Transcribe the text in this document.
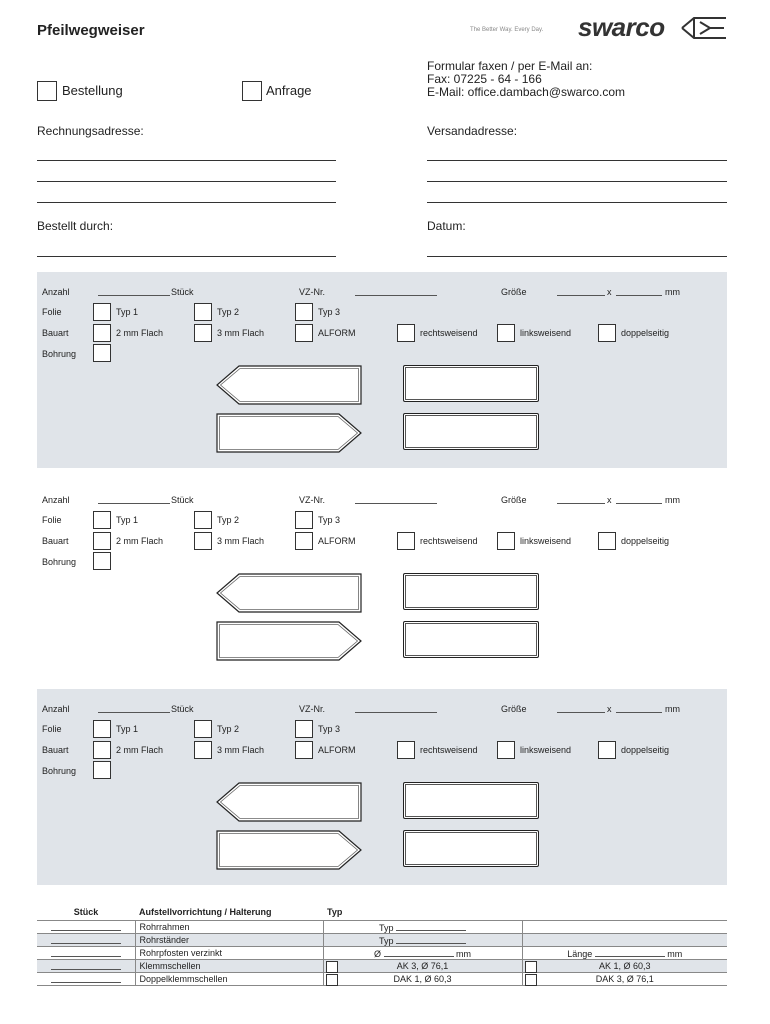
Pfeilwegweiser	The Better Way. Every Day. swarco
Bestellung	Anfrage
Formular faxen / per E-Mail an:
Fax: 07225 - 64 - 166
E-Mail: office.dambach@swarco.com
Rechnungsadresse:	Versandadresse:
Bestellt durch:	Datum:
Anzahl	Stück	VZ-Nr.	Größe	x	mm
Folie	Typ 1	Typ 2	Typ 3
Bauart	2 mm Flach	3 mm Flach	ALFORM	rechtsweisend	linksweisend	doppelseitig
Bohrung
Anzahl	Stück	VZ-Nr.	Größe	x	mm
Folie	Typ 1	Typ 2	Typ 3
Bauart	2 mm Flach	3 mm Flach	ALFORM	rechtsweisend	linksweisend	doppelseitig
Bohrung
Anzahl	Stück	VZ-Nr.	Größe	x	mm
Folie	Typ 1	Typ 2	Typ 3
Bauart	2 mm Flach	3 mm Flach	ALFORM	rechtsweisend	linksweisend	doppelseitig
Bohrung
Stück	Aufstellvorrichtung / Halterung	Typ	
	Rohrrahmen	Typ	
	Rohrständer	Typ	
	Rohrpfosten verzinkt	Ø mm	Länge mm
	Klemmschellen	AK 3, Ø 76,1	AK 1, Ø 60,3

	Doppelklemmschellen	DAK 1, Ø 60,3	DAK 3, Ø 76,1
